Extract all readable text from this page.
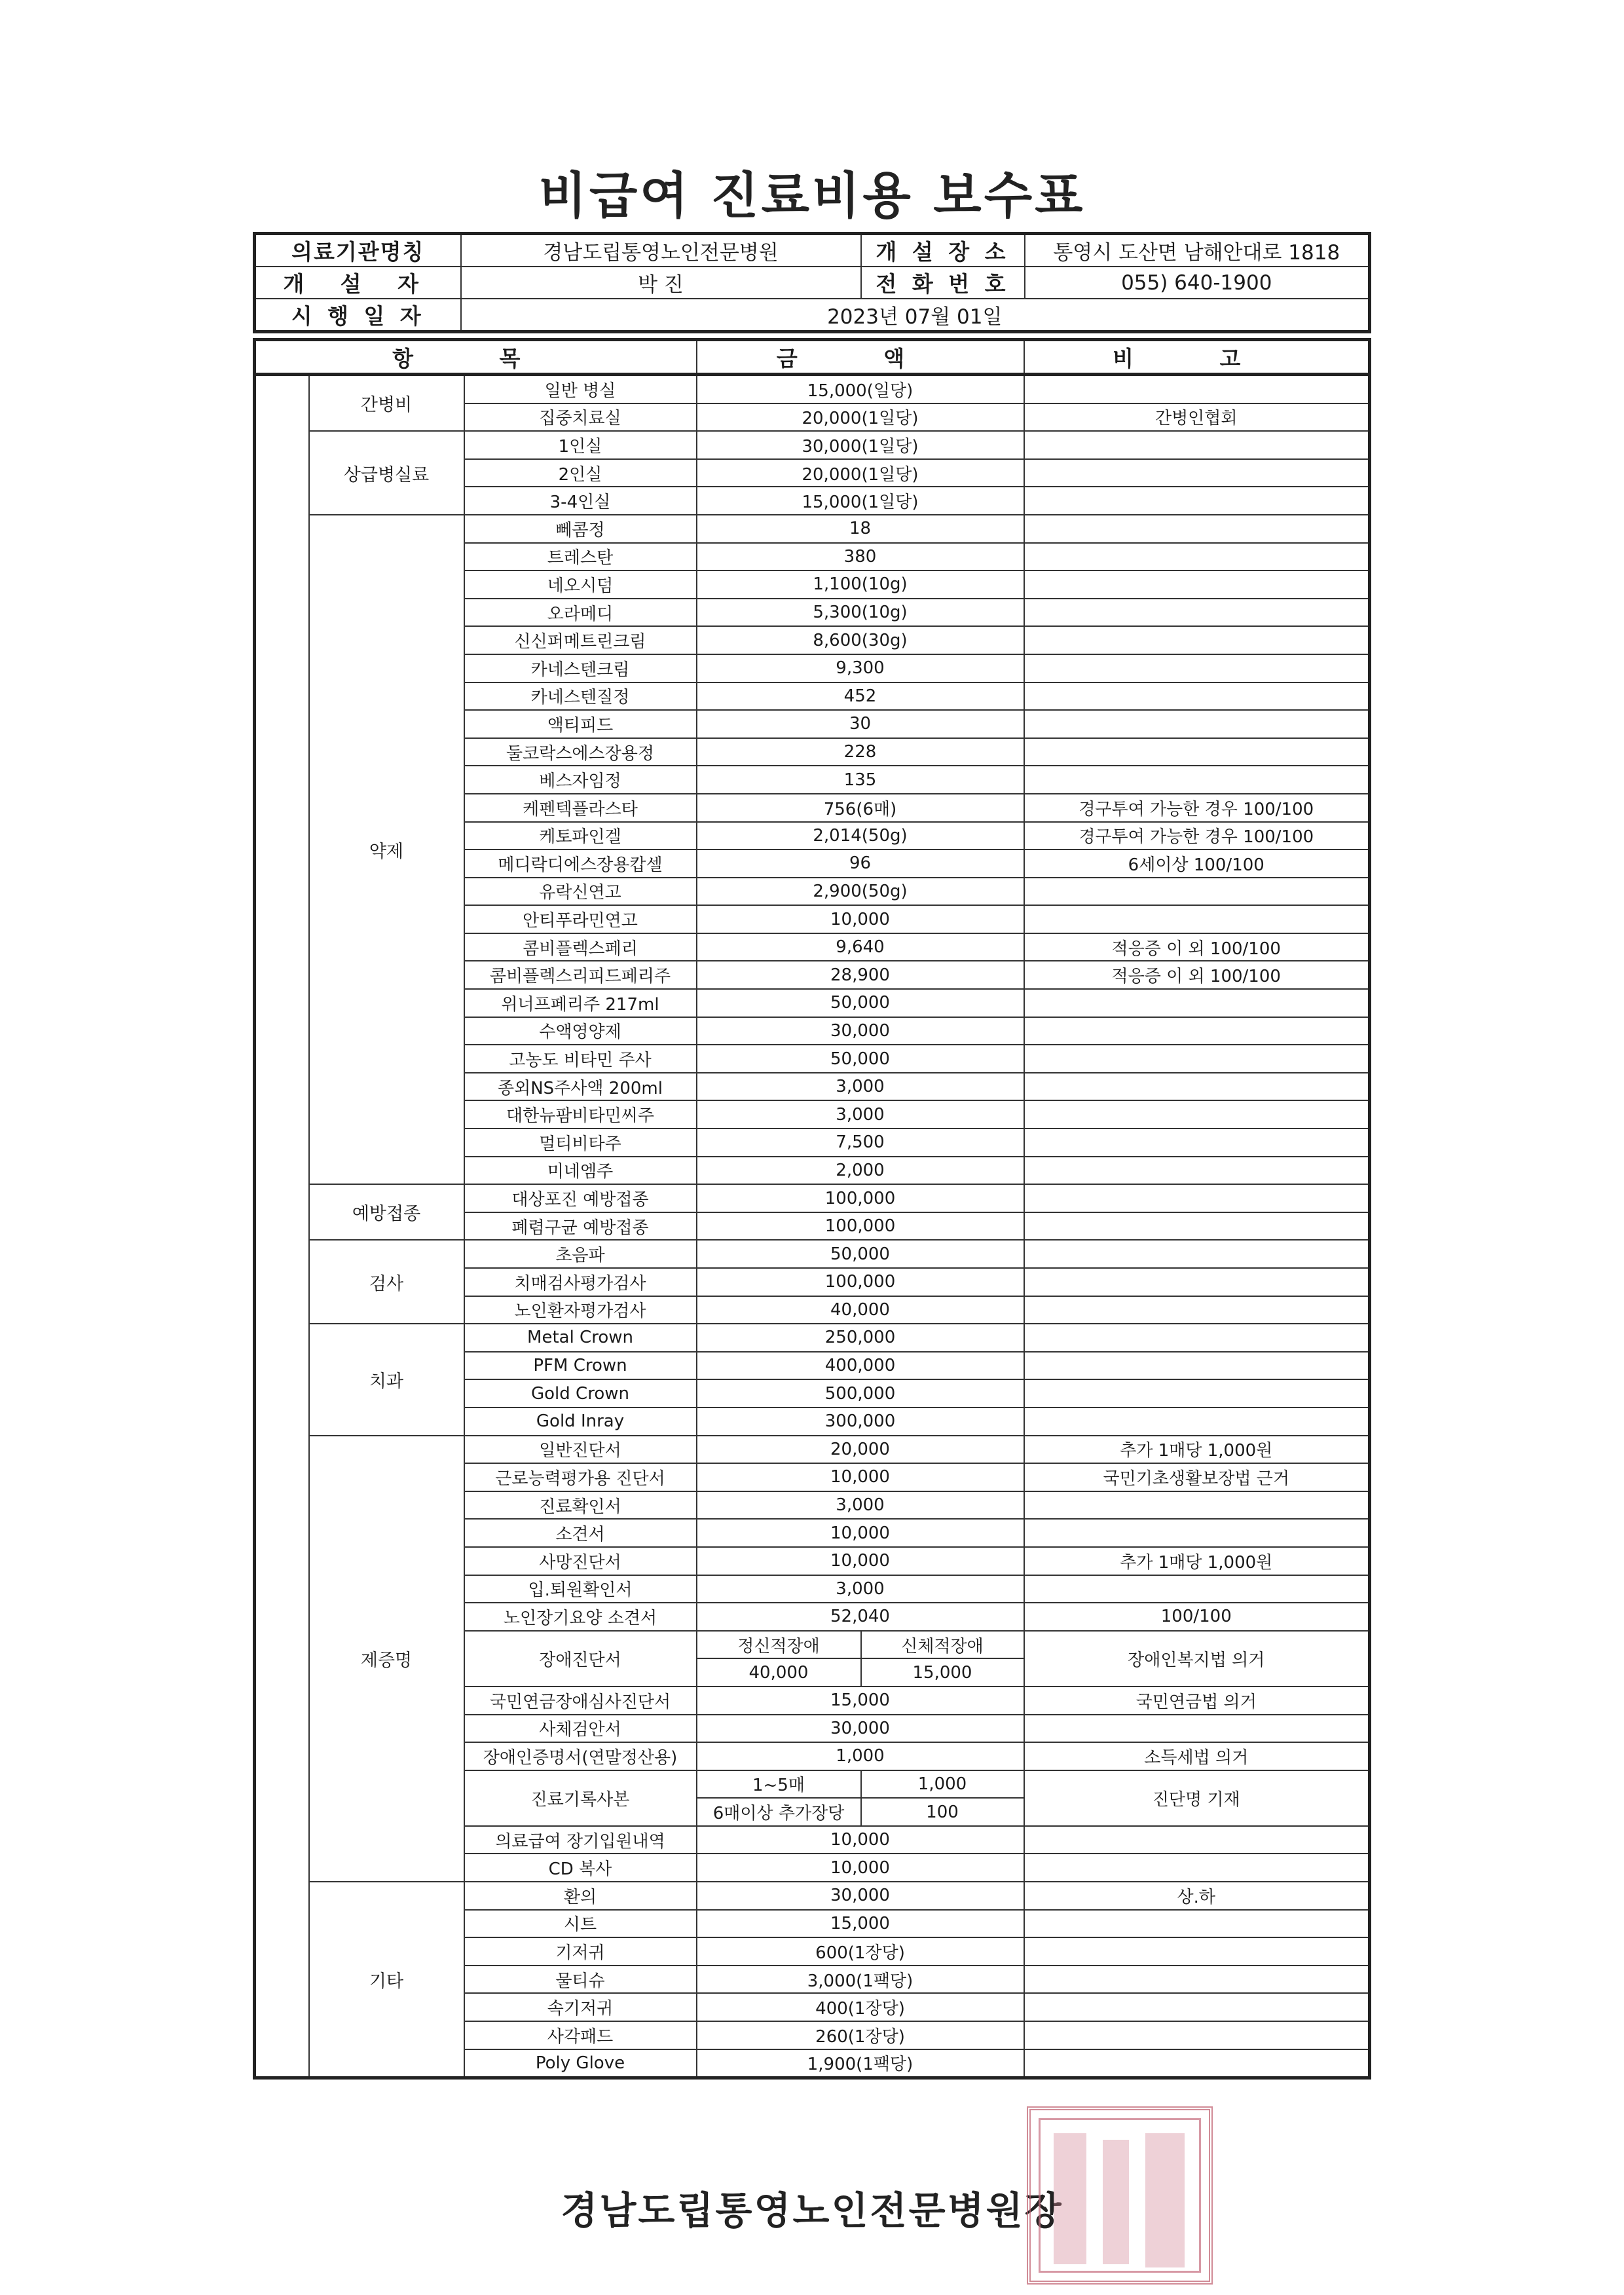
비급여 진료비용 보수표
의료기관명칭	경남도립통영노인전문병원	개 설 장 소	통영시 도산면 남해안대로 1818
개 설 자	박 진	전 화 번 호	055) 640-1900
시 행 일 자	2023년 07월 01일		
항 목			금 액		비 고
	간병비	일반 병실	15,000(일당)		
		집중치료실	20,000(1일당)		간병인협회
	상급병실료	1인실	30,000(1일당)		
		2인실	20,000(1일당)		
		3-4인실	15,000(1일당)		
	약제	뻬콤정	18		
		트레스탄	380		
		네오시덤	1,100(10g)		
		오라메디	5,300(10g)		
		신신퍼메트린크림	8,600(30g)		
		카네스텐크림	9,300		
		카네스텐질정	452		
		액티피드	30		
		둘코락스에스장용정	228		
		베스자임정	135		
		케펜텍플라스타	756(6매)		경구투여 가능한 경우 100/100
		케토파인겔	2,014(50g)		경구투여 가능한 경우 100/100
		메디락디에스장용캅셀	96		6세이상 100/100
		유락신연고	2,900(50g)		
		안티푸라민연고	10,000		
		콤비플렉스페리	9,640		적응증 이 외 100/100
		콤비플렉스리피드페리주	28,900		적응증 이 외 100/100
		위너프페리주 217ml	50,000		
		수액영양제	30,000		
		고농도 비타민 주사	50,000		
		종외NS주사액 200ml	3,000		
		대한뉴팜비타민씨주	3,000		
		멀티비타주	7,500		
		미네엠주	2,000		
	예방접종	대상포진 예방접종	100,000		
		폐렴구균 예방접종	100,000		
	검사	초음파	50,000		
		치매검사평가검사	100,000		
		노인환자평가검사	40,000		
	치과	Metal Crown	250,000		
		PFM Crown	400,000		
		Gold Crown	500,000		
		Gold Inray	300,000		
	제증명	일반진단서	20,000		추가 1매당 1,000원
		근로능력평가용 진단서	10,000		국민기초생활보장법 근거
		진료확인서	3,000		
		소견서	10,000		
		사망진단서	10,000		추가 1매당 1,000원
		입.퇴원확인서	3,000		
		노인장기요양 소견서	52,040		100/100
		장애진단서	정신적장애	신체적장애	장애인복지법 의거
			40,000	15,000	
		국민연금장애심사진단서	15,000		국민연금법 의거
		사체검안서	30,000		
		장애인증명서(연말정산용)	1,000		소득세법 의거
		진료기록사본	1~5매	1,000	진단명 기재
			6매이상 추가장당	100	
		의료급여 장기입원내역	10,000		
		CD 복사	10,000		
	기타	환의	30,000		상.하
		시트	15,000		
		기저귀	600(1장당)		
		물티슈	3,000(1팩당)		
		속기저귀	400(1장당)		
		사각패드	260(1장당)		
		Poly Glove	1,900(1팩당)		
경남도립통영노인전문병원장
